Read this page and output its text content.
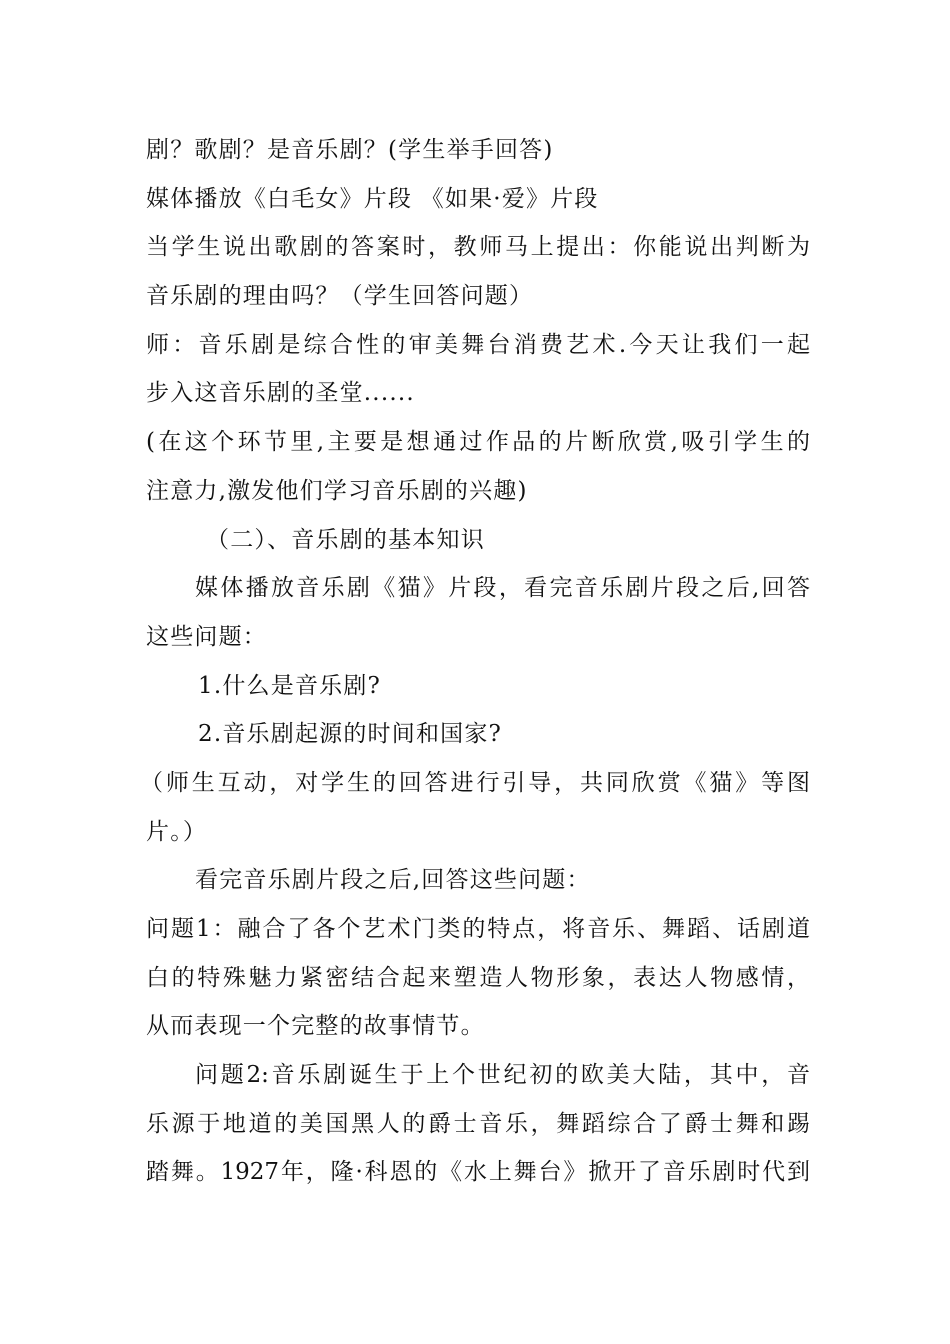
剧？歌剧？是音乐剧？(学生举手回答)
媒体播放《白毛女》片段 《如果·爱》片段
当学生说出歌剧的答案时，教师马上提出：你能说出判断为
音乐剧的理由吗？（学生回答问题）
师：音乐剧是综合性的审美舞台消费艺术.今天让我们一起
步入这音乐剧的圣堂......
(在这个环节里,主要是想通过作品的片断欣赏,吸引学生的
注意力,激发他们学习音乐剧的兴趣)
（二）、音乐剧的基本知识
媒体播放音乐剧《猫》片段，看完音乐剧片段之后,回答
这些问题：
1.什么是音乐剧?
2.音乐剧起源的时间和国家?
（师生互动，对学生的回答进行引导，共同欣赏《猫》等图
片。）
看完音乐剧片段之后,回答这些问题：
问题1：融合了各个艺术门类的特点，将音乐、舞蹈、话剧道
白的特殊魅力紧密结合起来塑造人物形象，表达人物感情，
从而表现一个完整的故事情节。
问题2:音乐剧诞生于上个世纪初的欧美大陆，其中，音
乐源于地道的美国黑人的爵士音乐，舞蹈综合了爵士舞和踢
踏舞。1927年，隆·科恩的《水上舞台》掀开了音乐剧时代到
